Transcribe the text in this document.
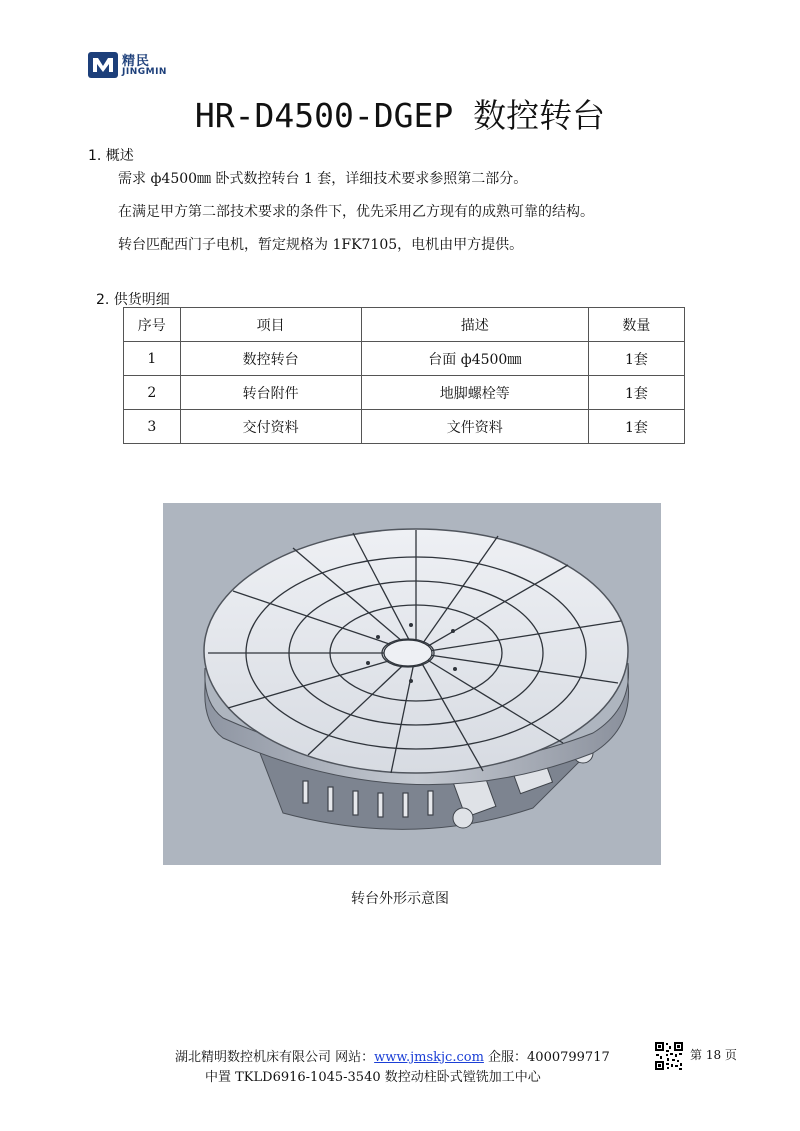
精民
JINGMIN
HR-D4500-DGEP 数控转台
1. 概述
需求 ф4500㎜ 卧式数控转台 1 套，详细技术要求参照第二部分。
在满足甲方第二部技术要求的条件下，优先采用乙方现有的成熟可靠的结构。
转台匹配西门子电机，暂定规格为 1FK7105，电机由甲方提供。
2. 供货明细
序号	项目	描述	数量
1	数控转台	台面 ф4500㎜	1套
2	转台附件	地脚螺栓等	1套
3	交付资料	文件资料	1套
转台外形示意图
湖北精明数控机床有限公司 网站：www.jmskjc.com 企服：4000799717
中置 TKLD6916-1045-3540 数控动柱卧式镗铣加工中心
第 18 页
